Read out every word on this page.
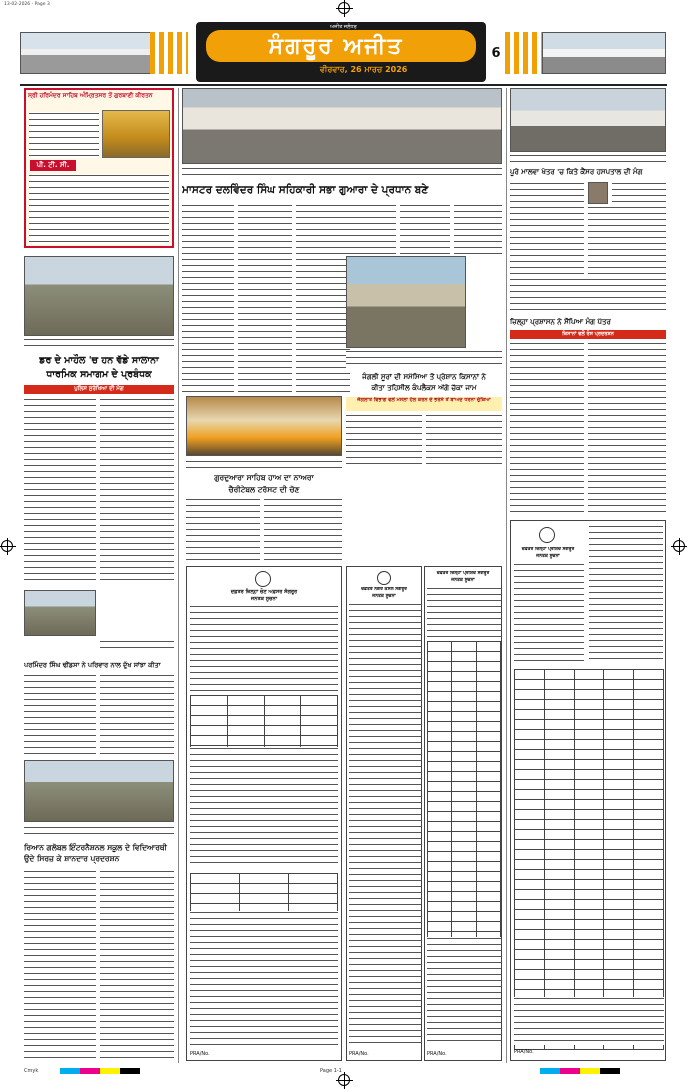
13-02-2026 - Page 3
ਸੰਗਰੂਰ ਅਜੀਤ
ਅਜੀਤ ਜਲੰਧਰ
ਵੀਰਵਾਰ, 26 ਮਾਰਚ 2026
6
ਸ੍ਰੀ ਹਰਿਮੰਦਰ ਸਾਹਿਬ ਅੰਮ੍ਰਿਤਸਰ ਤੋਂ ਗੁਰਬਾਣੀ ਕੀਰਤਨ
ਪੀ. ਟੀ. ਸੀ.
ਡਰ ਦੇ ਮਾਹੌਲ 'ਚ ਹਨ ਵੱਡੇ ਸਾਲਾਨਾ
ਧਾਰਮਿਕ ਸਮਾਗਮ ਦੇ ਪ੍ਰਬੰਧਕ
ਪੁਲਿਸ ਸੁਰੱਖਿਆ ਦੀ ਮੰਗ
ਪਰਮਿੰਦਰ ਸਿੰਘ ਢੀਂਡਸਾ ਨੇ ਪਰਿਵਾਰ ਨਾਲ ਦੁੱਖ ਸਾਂਝਾ ਕੀਤਾ
ਰਿਆਨ ਗਲੋਬਲ ਇੰਟਰਨੈਸ਼ਨਲ ਸਕੂਲ ਦੇ ਵਿਦਿਆਰਥੀ
ਉਦੇ ਸਿਰਜ਼ ਕੇ ਸ਼ਾਨਦਾਰ ਪ੍ਰਦਰਸ਼ਨ
ਮਾਸਟਰ ਦਲਵਿੰਦਰ ਸਿੰਘ ਸਹਿਕਾਰੀ ਸਭਾ ਗੁਆਰਾ ਦੇ ਪ੍ਰਧਾਨ ਬਣੇ
ਜੰਗਲੀ ਸੂਰਾਂ ਦੀ ਸਮੱਸਿਆ ਤੋਂ ਪ੍ਰੇਸ਼ਾਨ ਕਿਸਾਨਾਂ ਨੇ
ਕੀਤਾ ਤਹਿਸੀਲ ਕੰਪਲੈਕਸ ਅੱਗੇ ਚੱਕਾ ਜਾਮ
ਜੰਗਲਾਤ ਵਿਭਾਗ ਵਲੋਂ ਮਸਲਾ ਹੱਲ ਕਰਨ ਦੇ ਭਰੋਸੇ ਤੋਂ ਬਾਅਦ ਧਰਨਾ ਚੁੱਕਿਆ
ਗੁਰਦੁਆਰਾ ਸਾਹਿਬ ਹਾਅ ਦਾ ਨਾਅਰਾ
ਚੈਰੀਟੇਬਲ ਟਰੱਸਟ ਦੀ ਚੋਣ
ਦਫ਼ਤਰ ਜ਼ਿਲ੍ਹਾ ਚੋਣ ਅਫ਼ਸਰ ਸੰਗਰੂਰ
ਜਨਤਕ ਸੂਚਨਾ

PRA/No.
ਦਫ਼ਤਰ ਨਗਰ ਕੌਂਸਲ ਸੰਗਰੂਰ
ਜਨਤਕ ਸੂਚਨਾ
PRA/No.
ਦਫ਼ਤਰ ਜ਼ਿਲ੍ਹਾ ਪ੍ਰੀਸ਼ਦ ਸੰਗਰੂਰ
ਜਨਤਕ ਸੂਚਨਾ

PRA/No.
ਪੂਰੇ ਮਾਲਵਾ ਖੇਤਰ 'ਚ ਕਿਤੇ ਕੈਂਸਰ ਹਸਪਤਾਲ ਦੀ ਮੰਗ
ਜ਼ਿਲ੍ਹਾ ਪ੍ਰਸ਼ਾਸਨ ਨੇ ਸੌਂਪਿਆ ਮੰਗ ਪੱਤਰ
ਕਿਸਾਨਾਂ ਵਲੋਂ ਰੋਸ ਪ੍ਰਦਰਸ਼ਨ
ਦਫ਼ਤਰ ਜ਼ਿਲ੍ਹਾ ਪ੍ਰੀਸ਼ਦ ਸੰਗਰੂਰ
ਜਨਤਕ ਸੂਚਨਾ

PRA/No.
Cmyk	Page 1-1
